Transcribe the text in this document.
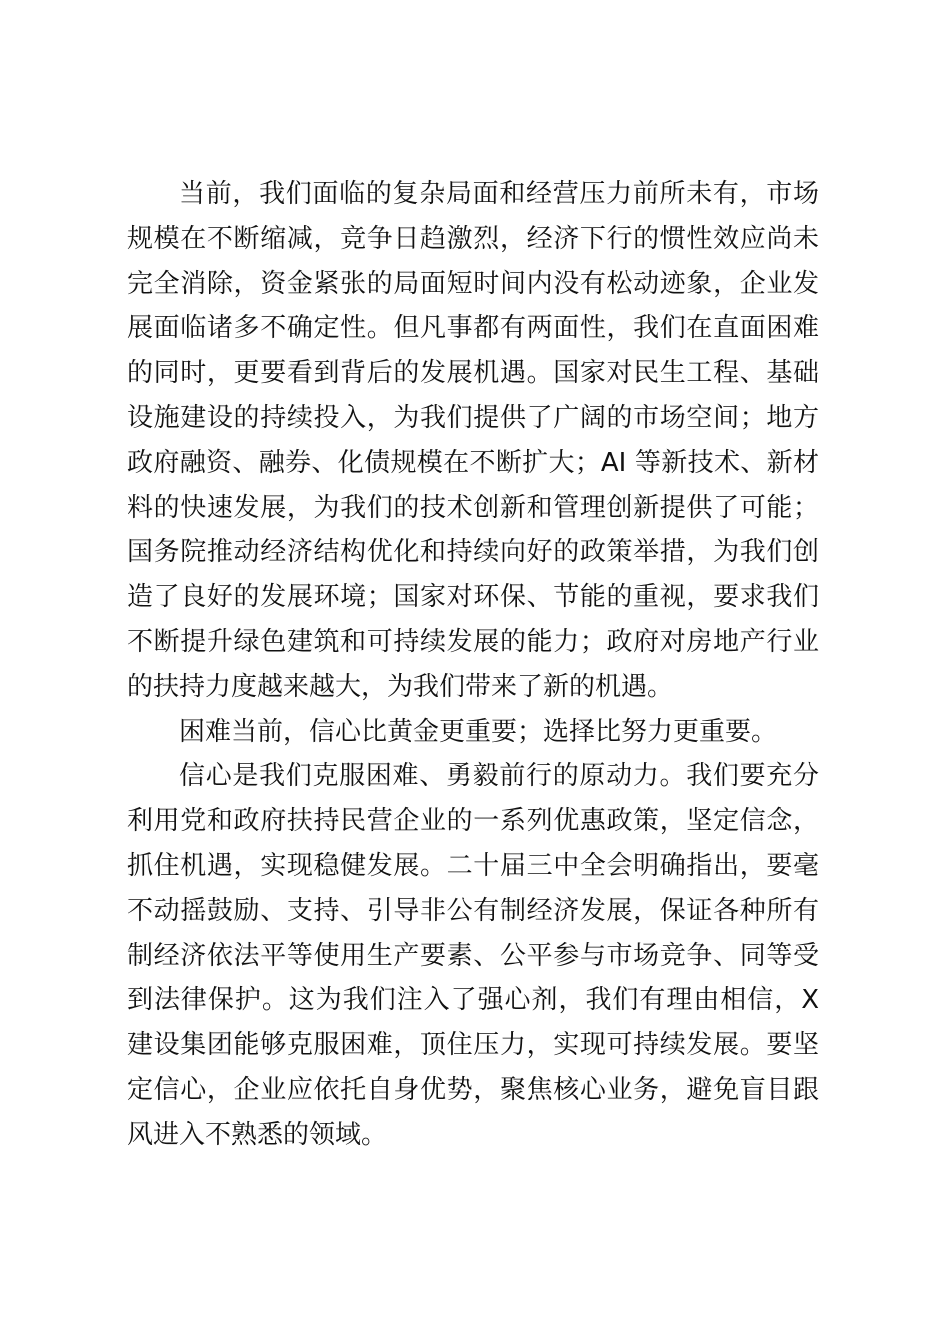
当前，我们面临的复杂局面和经营压力前所未有，市场规模在不断缩减，竞争日趋激烈，经济下行的惯性效应尚未完全消除，资金紧张的局面短时间内没有松动迹象，企业发展面临诸多不确定性。但凡事都有两面性，我们在直面困难的同时，更要看到背后的发展机遇。国家对民生工程、基础设施建设的持续投入，为我们提供了广阔的市场空间；地方政府融资、融券、化债规模在不断扩大；AI 等新技术、新材料的快速发展，为我们的技术创新和管理创新提供了可能；国务院推动经济结构优化和持续向好的政策举措，为我们创造了良好的发展环境；国家对环保、节能的重视，要求我们不断提升绿色建筑和可持续发展的能力；政府对房地产行业的扶持力度越来越大，为我们带来了新的机遇。

困难当前，信心比黄金更重要；选择比努力更重要。

信心是我们克服困难、勇毅前行的原动力。我们要充分利用党和政府扶持民营企业的一系列优惠政策，坚定信念，抓住机遇，实现稳健发展。二十届三中全会明确指出，要毫不动摇鼓励、支持、引导非公有制经济发展，保证各种所有制经济依法平等使用生产要素、公平参与市场竞争、同等受到法律保护。这为我们注入了强心剂，我们有理由相信，X 建设集团能够克服困难，顶住压力，实现可持续发展。要坚定信心，企业应依托自身优势，聚焦核心业务，避免盲目跟风进入不熟悉的领域。
